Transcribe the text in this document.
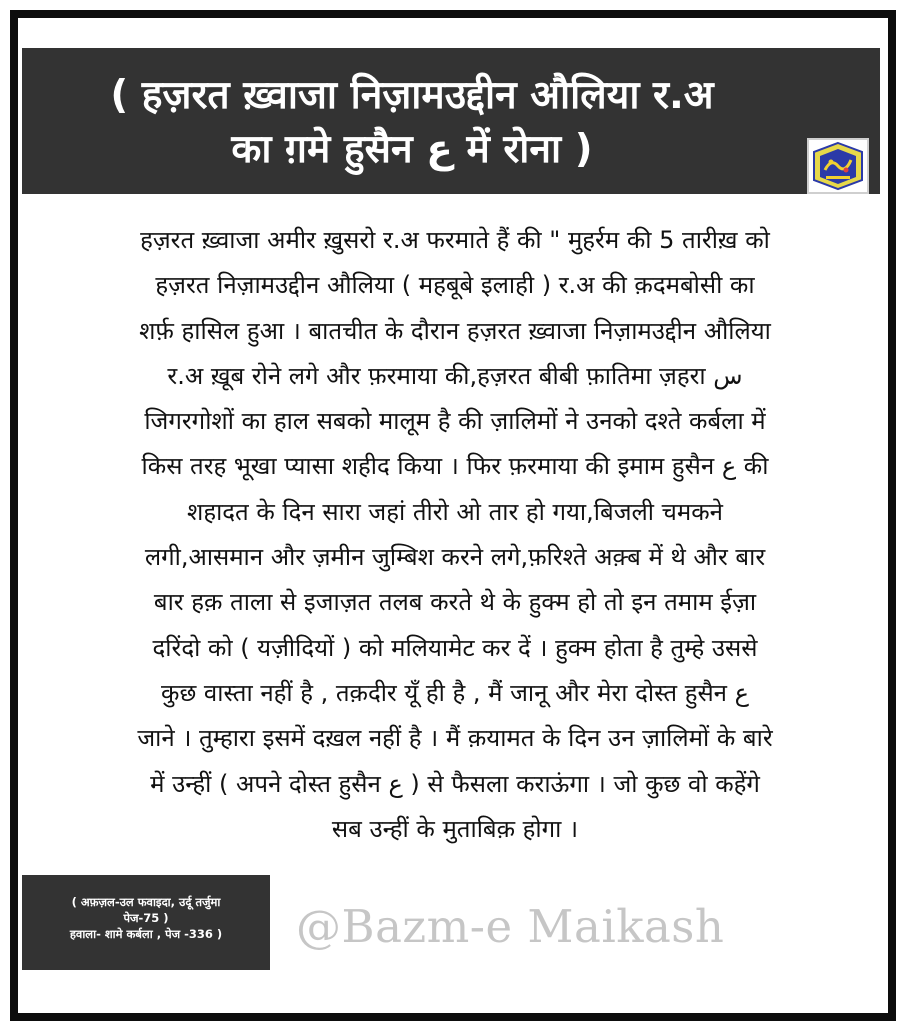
( हज़रत ख़्वाजा निज़ामउद्दीन औलिया र.अ
का ग़मे हुसैन ع में रोना )
हज़रत ख़्वाजा अमीर ख़ुसरो र.अ फरमाते हैं की " मुहर्रम की 5 तारीख़ को
हज़रत निज़ामउद्दीन औलिया ( महबूबे इलाही ) र.अ की क़दमबोसी का
शर्फ़ हासिल हुआ । बातचीत के दौरान हज़रत ख़्वाजा निज़ामउद्दीन औलिया
र.अ ख़ूब रोने लगे और फ़रमाया की,हज़रत बीबी फ़ातिमा ज़हरा س
जिगरगोशों का हाल सबको मालूम है की ज़ालिमों ने उनको दश्ते कर्बला में
किस तरह भूखा प्यासा शहीद किया । फिर फ़रमाया की इमाम हुसैन ع की
शहादत के दिन सारा जहां तीरो ओ तार हो गया,बिजली चमकने
लगी,आसमान और ज़मीन जुम्बिश करने लगे,फ़रिश्ते अक़्ब में थे और बार
बार हक़ ताला से इजाज़त तलब करते थे के हुक्म हो तो इन तमाम ईज़ा
दरिंदो को ( यज़ीदियों ) को मलियामेट कर दें । हुक्म होता है तुम्हे उससे
कुछ वास्ता नहीं है , तक़दीर यूँ ही है , मैं जानू और मेरा दोस्त हुसैन ع
जाने । तुम्हारा इसमें दख़ल नहीं है । मैं क़यामत के दिन उन ज़ालिमों के बारे
में उन्हीं ( अपने दोस्त हुसैन ع ) से फैसला कराऊंगा । जो कुछ वो कहेंगे
सब उन्हीं के मुताबिक़ होगा ।
( अफ़ज़ल-उल फवाइदा, उर्दू तर्जुमा
पेज-75 )
हवाला- शामे कर्बला , पेज -336 )	@Bazm-e Maikash
